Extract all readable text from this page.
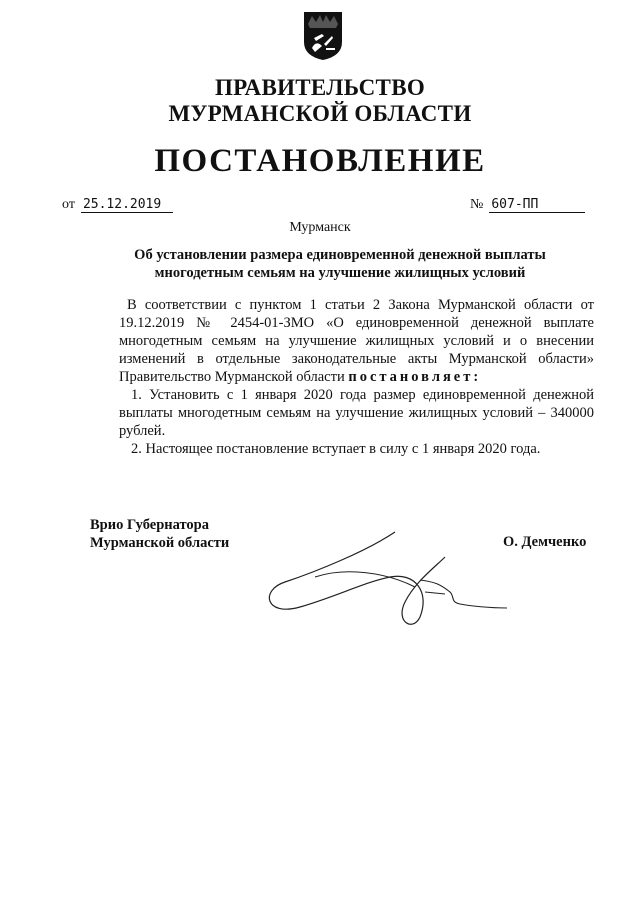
ПРАВИТЕЛЬСТВО
МУРМАНСКОЙ ОБЛАСТИ
ПОСТАНОВЛЕНИЕ
от 25.12.2019	№ 607-ПП
Мурманск
Об установлении размера единовременной денежной выплаты
многодетным семьям на улучшение жилищных условий

В соответствии с пунктом 1 статьи 2 Закона Мурманской области от 19.12.2019 № 2454-01-ЗМО «О единовременной денежной выплате многодетным семьям на улучшение жилищных условий и о внесении изменений в отдельные законодательные акты Мурманской области» Правительство Мурманской области постановляет:

1. Установить с 1 января 2020 года размер единовременной денежной выплаты многодетным семьям на улучшение жилищных условий – 340000 рублей.
2. Настоящее постановление вступает в силу с 1 января 2020 года.
Врио Губернатора
Мурманской области	О. Демченко
